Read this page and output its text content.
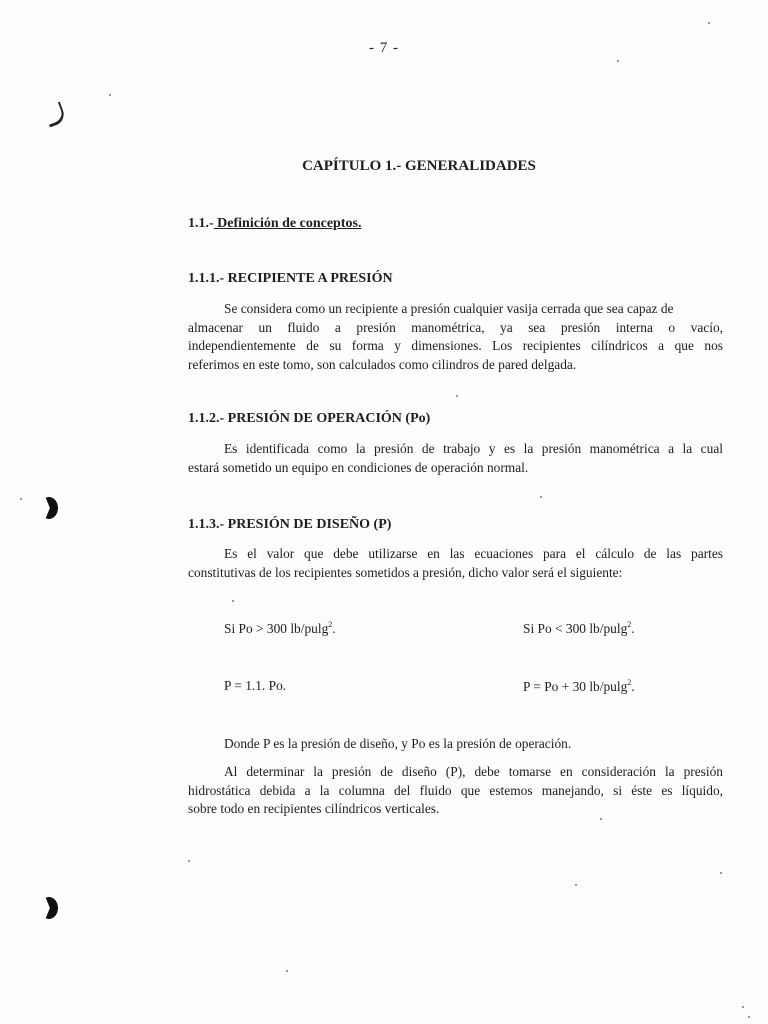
- 7 -
CAPÍTULO 1.- GENERALIDADES
1.1.- Definición de conceptos.
1.1.1.- RECIPIENTE A PRESIÓN
Se considera como un recipiente a presión cualquier vasija cerrada que sea capaz de
almacenar un fluido a presión manométrica, ya sea presión interna o vacío,
independientemente de su forma y dimensiones. Los recipientes cilíndricos a que nos
referimos en este tomo, son calculados como cilindros de pared delgada.
1.1.2.- PRESIÓN DE OPERACIÓN (Po)
Es identificada como la presión de trabajo y es la presión manométrica a la cual
estará sometido un equipo en condiciones de operación normal.
1.1.3.- PRESIÓN DE DISEÑO (P)
Es el valor que debe utilizarse en las ecuaciones para el cálculo de las partes
constitutivas de los recipientes sometidos a presión, dicho valor será el siguiente:
Si Po > 300 lb/pulg$^2$.	Si Po < 300 lb/pulg$^2$.
P = 1.1. Po.	P = Po + 30 lb/pulg$^2$.
Donde P es la presión de diseño, y Po es la presión de operación.
Al determinar la presión de diseño (P), debe tomarse en consideración la presión
hidrostática debida a la columna del fluido que estemos manejando, si éste es líquido,
sobre todo en recipientes cilíndricos verticales.
